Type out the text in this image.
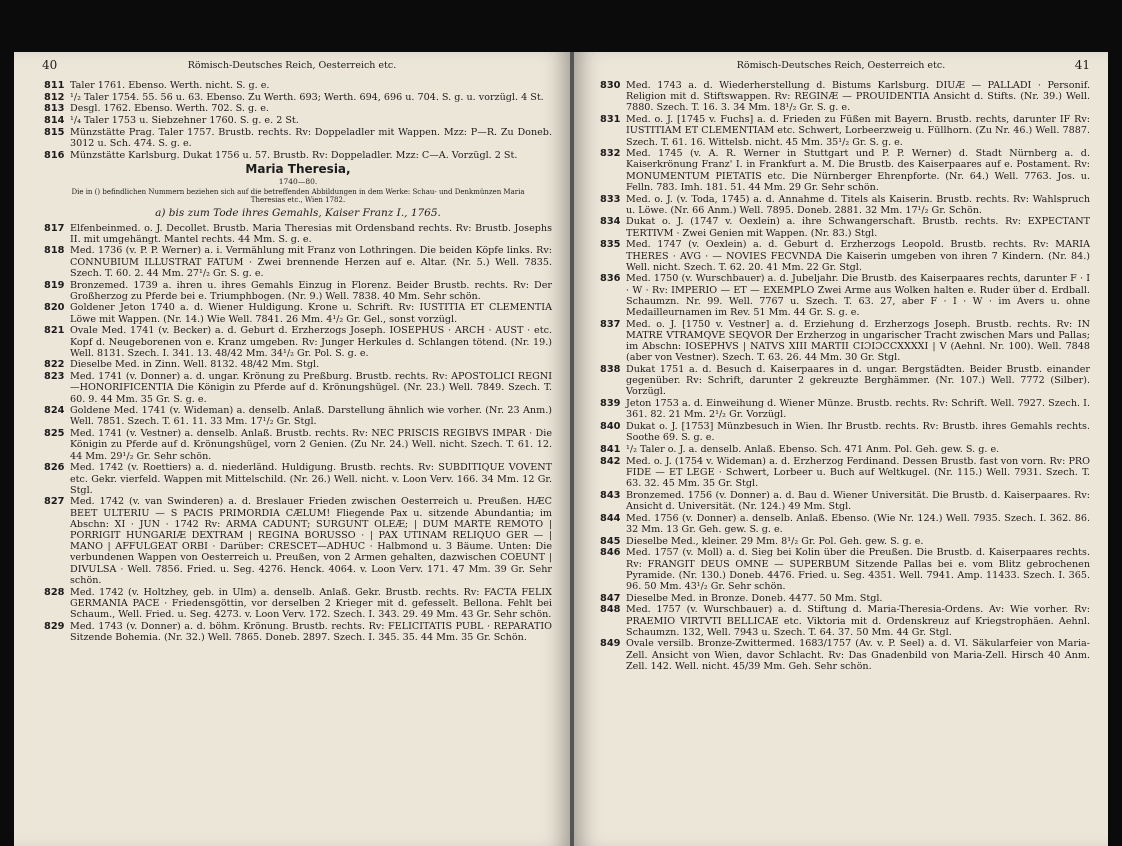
40	Römisch-Deutsches Reich, Oesterreich etc.
811 Taler 1761. Ebenso. Werth. nicht. S. g. e.
812 ¹/₂ Taler 1754. 55. 56 u. 63. Ebenso. Zu Werth. 693; Werth. 694, 696 u. 704. S. g. u. vorzügl. 4 St.
813 Desgl. 1762. Ebenso. Werth. 702. S. g. e.
814 ¹/₄ Taler 1753 u. Siebzehner 1760. S. g. e. 2 St.
815 Münzstätte Prag. Taler 1757. Brustb. rechts. Rv: Doppeladler mit Wappen. Mzz: P—R. Zu Doneb. 3012 u. Sch. 474. S. g. e.
816 Münzstätte Karlsburg. Dukat 1756 u. 57. Brustb. Rv: Doppeladler. Mzz: C—A. Vorzügl. 2 St.
Maria Theresia,
1740—80.
Die in () befindlichen Nummern beziehen sich auf die betreffenden Abbildungen in dem Werke: Schau- und Denkmünzen Maria Theresias etc., Wien 1782.
a) bis zum Tode ihres Gemahls, Kaiser Franz I., 1765.
817 Elfenbeinmed. o. J. Decollet. Brustb. Maria Theresias mit Ordensband rechts. Rv: Brustb. Josephs II. mit umgehängt. Mantel rechts. 44 Mm. S. g. e.
818 Med. 1736 (v. P. P. Werner) a. i. Vermählung mit Franz von Lothringen. Die beiden Köpfe links. Rv: CONNUBIUM ILLUSTRAT FATUM · Zwei brennende Herzen auf e. Altar. (Nr. 5.) Well. 7835. Szech. T. 60. 2. 44 Mm. 27¹/₂ Gr. S. g. e.
819 Bronzemed. 1739 a. ihren u. ihres Gemahls Einzug in Florenz. Beider Brustb. rechts. Rv: Der Großherzog zu Pferde bei e. Triumphbogen. (Nr. 9.) Well. 7838. 40 Mm. Sehr schön.
820 Goldener Jeton 1740 a. d. Wiener Huldigung. Krone u. Schrift. Rv: IUSTITIA ET CLEMENTIA Löwe mit Wappen. (Nr. 14.) Wie Well. 7841. 26 Mm. 4¹/₂ Gr. Gel., sonst vorzügl.
821 Ovale Med. 1741 (v. Becker) a. d. Geburt d. Erzherzogs Joseph. IOSEPHUS · ARCH · AUST · etc. Kopf d. Neugeborenen von e. Kranz umgeben. Rv: Junger Herkules d. Schlangen tötend. (Nr. 19.) Well. 8131. Szech. I. 341. 13. 48/42 Mm. 34¹/₂ Gr. Pol. S. g. e.
822 Dieselbe Med. in Zinn. Well. 8132. 48/42 Mm. Stgl.
823 Med. 1741 (v. Donner) a. d. ungar. Krönung zu Preßburg. Brustb. rechts. Rv: APOSTOLICI REGNI—HONORIFICENTIA Die Königin zu Pferde auf d. Krönungshügel. (Nr. 23.) Well. 7849. Szech. T. 60. 9. 44 Mm. 35 Gr. S. g. e.
824 Goldene Med. 1741 (v. Wideman) a. denselb. Anlaß. Darstellung ähnlich wie vorher. (Nr. 23 Anm.) Well. 7851. Szech. T. 61. 11. 33 Mm. 17¹/₂ Gr. Stgl.
825 Med. 1741 (v. Vestner) a. denselb. Anlaß. Brustb. rechts. Rv: NEC PRISCIS REGIBVS IMPAR · Die Königin zu Pferde auf d. Krönungshügel, vorn 2 Genien. (Zu Nr. 24.) Well. nicht. Szech. T. 61. 12. 44 Mm. 29¹/₂ Gr. Sehr schön.
826 Med. 1742 (v. Roettiers) a. d. niederländ. Huldigung. Brustb. rechts. Rv: SUBDITIQUE VOVENT etc. Gekr. vierfeld. Wappen mit Mittelschild. (Nr. 26.) Well. nicht. v. Loon Verv. 166. 34 Mm. 12 Gr. Stgl.
827 Med. 1742 (v. van Swinderen) a. d. Breslauer Frieden zwischen Oesterreich u. Preußen. HÆC BEET ULTERIU — S PACIS PRIMORDIA CÆLUM! Fliegende Pax u. sitzende Abundantia; im Abschn: XI · JUN · 1742 Rv: ARMA CADUNT; SURGUNT OLEÆ; | DUM MARTE REMOTO | PORRIGIT HUNGARIÆ DEXTRAM | REGINA BORUSSO · | PAX UTINAM RELIQUO GER — | MANO | AFFULGEAT ORBI · Darüber: CRESCET—ADHUC · Halbmond u. 3 Bäume. Unten: Die verbundenen Wappen von Oesterreich u. Preußen, von 2 Armen gehalten, dazwischen COEUNT | DIVULSA · Well. 7856. Fried. u. Seg. 4276. Henck. 4064. v. Loon Verv. 171. 47 Mm. 39 Gr. Sehr schön.
828 Med. 1742 (v. Holtzhey, geb. in Ulm) a. denselb. Anlaß. Gekr. Brustb. rechts. Rv: FACTA FELIX GERMANIA PACE · Friedensgöttin, vor derselben 2 Krieger mit d. gefesselt. Bellona. Fehlt bei Schaum., Well. Fried. u. Seg. 4273. v. Loon Verv. 172. Szech. I. 343. 29. 49 Mm. 43 Gr. Sehr schön.
829 Med. 1743 (v. Donner) a. d. böhm. Krönung. Brustb. rechts. Rv: FELICITATIS PUBL · REPARATIO Sitzende Bohemia. (Nr. 32.) Well. 7865. Doneb. 2897. Szech. I. 345. 35. 44 Mm. 35 Gr. Schön.
Römisch-Deutsches Reich, Oesterreich etc.	41
830 Med. 1743 a. d. Wiederherstellung d. Bistums Karlsburg. DIUÆ — PALLADI · Personif. Religion mit d. Stiftswappen. Rv: REGINÆ — PROUIDENTIA Ansicht d. Stifts. (Nr. 39.) Well. 7880. Szech. T. 16. 3. 34 Mm. 18¹/₂ Gr. S. g. e.
831 Med. o. J. [1745 v. Fuchs] a. d. Frieden zu Füßen mit Bayern. Brustb. rechts, darunter IF Rv: IUSTITIAM ET CLEMENTIAM etc. Schwert, Lorbeerzweig u. Füllhorn. (Zu Nr. 46.) Well. 7887. Szech. T. 61. 16. Wittelsb. nicht. 45 Mm. 35¹/₂ Gr. S. g. e.
832 Med. 1745 (v. A. R. Werner in Stuttgart und P. P. Werner) d. Stadt Nürnberg a. d. Kaiserkrönung Franz' I. in Frankfurt a. M. Die Brustb. des Kaiserpaares auf e. Postament. Rv: MONUMENTUM PIETATIS etc. Die Nürnberger Ehrenpforte. (Nr. 64.) Well. 7763. Jos. u. Felln. 783. Imh. 181. 51. 44 Mm. 29 Gr. Sehr schön.
833 Med. o. J. (v. Toda, 1745) a. d. Annahme d. Titels als Kaiserin. Brustb. rechts. Rv: Wahlspruch u. Löwe. (Nr. 66 Anm.) Well. 7895. Doneb. 2881. 32 Mm. 17¹/₂ Gr. Schön.
834 Dukat o. J. (1747 v. Oexlein) a. ihre Schwangerschaft. Brustb. rechts. Rv: EXPECTANT TERTIVM · Zwei Genien mit Wappen. (Nr. 83.) Stgl.
835 Med. 1747 (v. Oexlein) a. d. Geburt d. Erzherzogs Leopold. Brustb. rechts. Rv: MARIA THERES · AVG · — NOVIES FECVNDA Die Kaiserin umgeben von ihren 7 Kindern. (Nr. 84.) Well. nicht. Szech. T. 62. 20. 41 Mm. 22 Gr. Stgl.
836 Med. 1750 (v. Wurschbauer) a. d. Jubeljahr. Die Brustb. des Kaiserpaares rechts, darunter F · I · W · Rv: IMPERIO — ET — EXEMPLO Zwei Arme aus Wolken halten e. Ruder über d. Erdball. Schaumzn. Nr. 99. Well. 7767 u. Szech. T. 63. 27, aber F · I · W · im Avers u. ohne Medailleurnamen im Rev. 51 Mm. 44 Gr. S. g. e.
837 Med. o. J. [1750 v. Vestner] a. d. Erziehung d. Erzherzogs Joseph. Brustb. rechts. Rv: IN MATRE VTRAMQVE SEQVOR Der Erzherzog in ungarischer Tracht zwischen Mars und Pallas; im Abschn: IOSEPHVS | NATVS XIII MARTII CIƆIƆCCXXXXI | V (Aehnl. Nr. 100). Well. 7848 (aber von Vestner). Szech. T. 63. 26. 44 Mm. 30 Gr. Stgl.
838 Dukat 1751 a. d. Besuch d. Kaiserpaares in d. ungar. Bergstädten. Beider Brustb. einander gegenüber. Rv: Schrift, darunter 2 gekreuzte Berghämmer. (Nr. 107.) Well. 7772 (Silber). Vorzügl.
839 Jeton 1753 a. d. Einweihung d. Wiener Münze. Brustb. rechts. Rv: Schrift. Well. 7927. Szech. I. 361. 82. 21 Mm. 2¹/₂ Gr. Vorzügl.
840 Dukat o. J. [1753] Münzbesuch in Wien. Ihr Brustb. rechts. Rv: Brustb. ihres Gemahls rechts. Soothe 69. S. g. e.
841 ¹/₂ Taler o. J. a. denselb. Anlaß. Ebenso. Sch. 471 Anm. Pol. Geh. gew. S. g. e.
842 Med. o. J. (1754 v. Wideman) a. d. Erzherzog Ferdinand. Dessen Brustb. fast von vorn. Rv: PRO FIDE — ET LEGE · Schwert, Lorbeer u. Buch auf Weltkugel. (Nr. 115.) Well. 7931. Szech. T. 63. 32. 45 Mm. 35 Gr. Stgl.
843 Bronzemed. 1756 (v. Donner) a. d. Bau d. Wiener Universität. Die Brustb. d. Kaiserpaares. Rv: Ansicht d. Universität. (Nr. 124.) 49 Mm. Stgl.
844 Med. 1756 (v. Donner) a. denselb. Anlaß. Ebenso. (Wie Nr. 124.) Well. 7935. Szech. I. 362. 86. 32 Mm. 13 Gr. Geh. gew. S. g. e.
845 Dieselbe Med., kleiner. 29 Mm. 8¹/₂ Gr. Pol. Geh. gew. S. g. e.
846 Med. 1757 (v. Moll) a. d. Sieg bei Kolin über die Preußen. Die Brustb. d. Kaiserpaares rechts. Rv: FRANGIT DEUS OMNE — SUPERBUM Sitzende Pallas bei e. vom Blitz gebrochenen Pyramide. (Nr. 130.) Doneb. 4476. Fried. u. Seg. 4351. Well. 7941. Amp. 11433. Szech. I. 365. 96. 50 Mm. 43¹/₂ Gr. Sehr schön.
847 Dieselbe Med. in Bronze. Doneb. 4477. 50 Mm. Stgl.
848 Med. 1757 (v. Wurschbauer) a. d. Stiftung d. Maria-Theresia-Ordens. Av: Wie vorher. Rv: PRAEMIO VIRTVTI BELLICAE etc. Viktoria mit d. Ordenskreuz auf Kriegstrophäen. Aehnl. Schaumzn. 132, Well. 7943 u. Szech. T. 64. 37. 50 Mm. 44 Gr. Stgl.
849 Ovale versilb. Bronze-Zwittermed. 1683/1757 (Av. v. P. Seel) a. d. VI. Säkularfeier von Maria-Zell. Ansicht von Wien, davor Schlacht. Rv: Das Gnadenbild von Maria-Zell. Hirsch 40 Anm. Zell. 142. Well. nicht. 45/39 Mm. Geh. Sehr schön.
